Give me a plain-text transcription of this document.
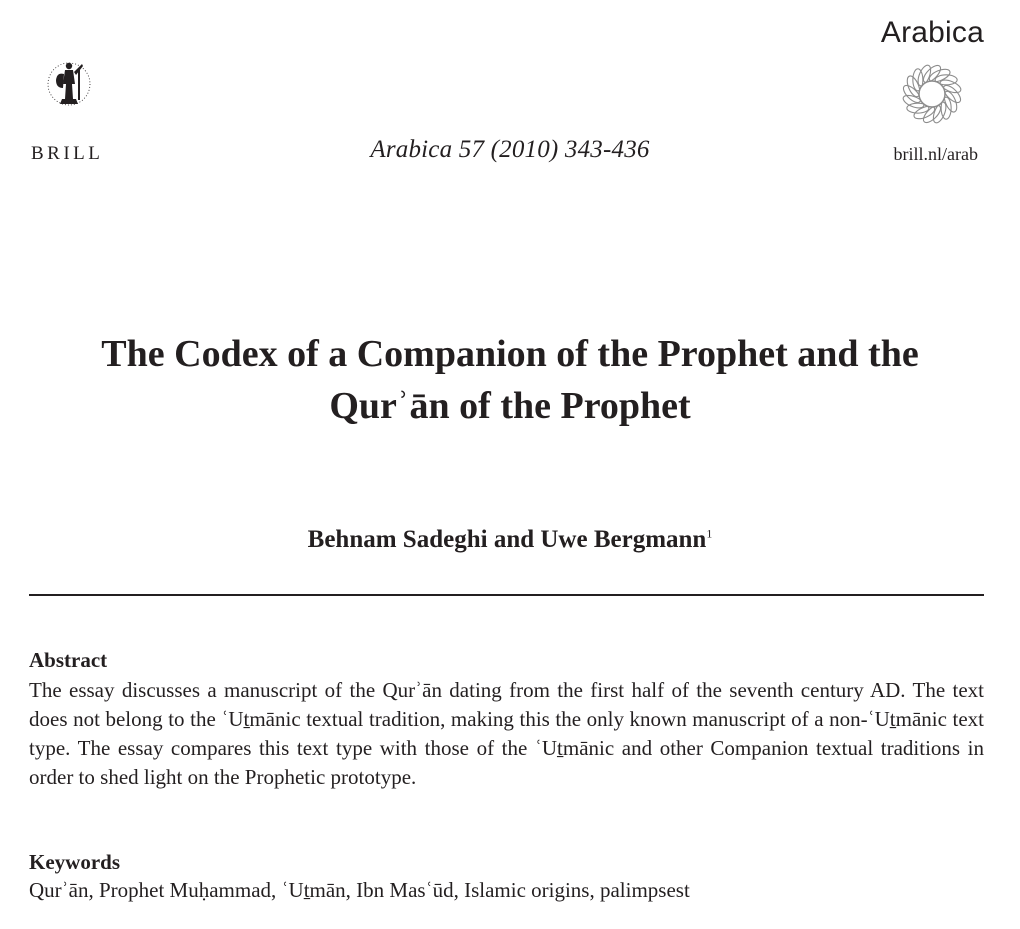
BRILL	Arabica 57 (2010) 343-436
Arabica
brill.nl/arab
The Codex of a Companion of the Prophet and the
Qurʾān of the Prophet
Behnam Sadeghi and Uwe Bergmann$^1$
Abstract

The essay discusses a manuscript of the Qurʾān dating from the first half of the seventh century AD. The text does not belong to the ʿUṯmānic textual tradition, making this the only known manuscript of a non-ʿUṯmānic text type. The essay compares this text type with those of the ʿUṯmānic and other Companion textual traditions in order to shed light on the Prophetic prototype.

Keywords
Qurʾān, Prophet Muḥammad, ʿUṯmān, Ibn Masʿūd, Islamic origins, palimpsest
